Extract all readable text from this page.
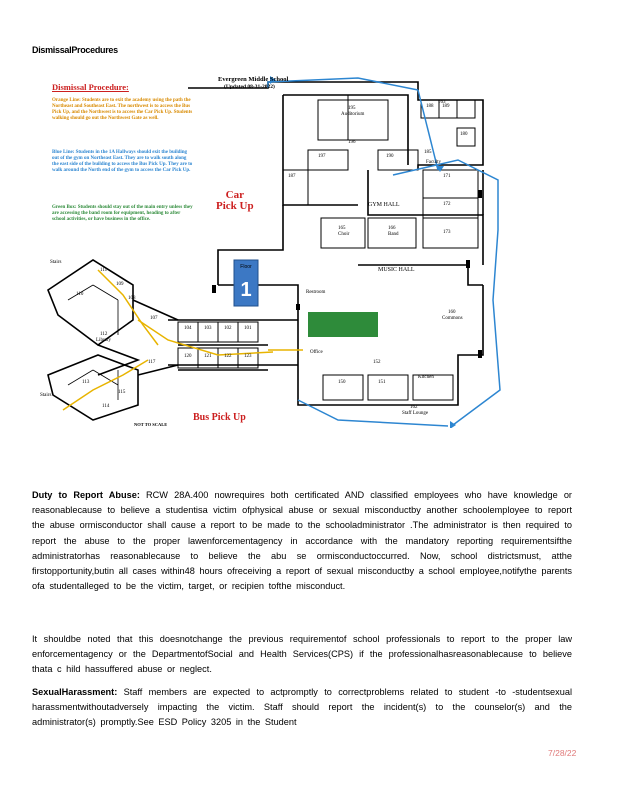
DismissalProcedures
Floor
1
Evergreen Middle School
(Updated 08-31-2022)
Dismissal Procedure:
Orange Line: Students are to exit the academy using the path the Northeast and Southeast East. The northwest is to access the Bus Pick Up, and the Northwest is to access the Car Pick Up. Students walking should go out the Northwest Gate as well.
Blue Line: Students in the 1A Hallways should exit the building out of the gym on Northeast East. They are to walk south along the east side of the building to access the Bus Pick Up. They are to walk around the North end of the gym to access the Car Pick Up.
Green Box: Students should stay out of the main entry unless they are accessing the band room for equipment, heading to after school activities, or have business in the office.
Car
Pick Up
Bus Pick Up
NOT TO SCALE
GYM HALL
MUSIC HALL
Stairs
Stairs
195
Auditorium
196
197	190
187
185
188 189
180
171
172
173
166
Band
165
Choir
160
Commons
Kitchen
162
Staff Lounge
Office
150	151
152
111
110
109
108
107
112
Library
113
114
115
117
104	103	102	101
120	121	122	123
Restroom
Faculty
163
Duty to Report Abuse: RCW 28A.400 nowrequires both certificated AND classified employees who have knowledge or reasonablecause to believe a studentisa victim ofphysical abuse or sexual misconductby another schoolemployee to report the abuse ormisconductor shall cause a report to be made to the schooladministrator .The administrator is then required to report the abuse to the proper lawenforcementagency in accordance with the mandatory reporting requirementsifthe administratorhas reasonablecause to believe the abu se ormisconductoccurred. Now, school districtsmust, atthe firstopportunity,butin all cases within48 hours ofreceiving a report of sexual misconductby a school employee,notifythe parents ofa studentalleged to be the victim, target, or recipien tofthe misconduct.
It shouldbe noted that this doesnotchange the previous requirementof school professionals to report to the proper law enforcementagency or the DepartmentofSocial and Health Services(CPS) if the professionalhasreasonablecause to believe thata c hild hassuffered abuse or neglect.
SexualHarassment: Staff members are expected to actpromptly to correctproblems related to student -to -studentsexual harassmentwithoutadversely impacting the victim. Staff should report the incident(s) to the counselor(s) and the administrator(s) promptly.See ESD Policy 3205 in the Student
7/28/22
